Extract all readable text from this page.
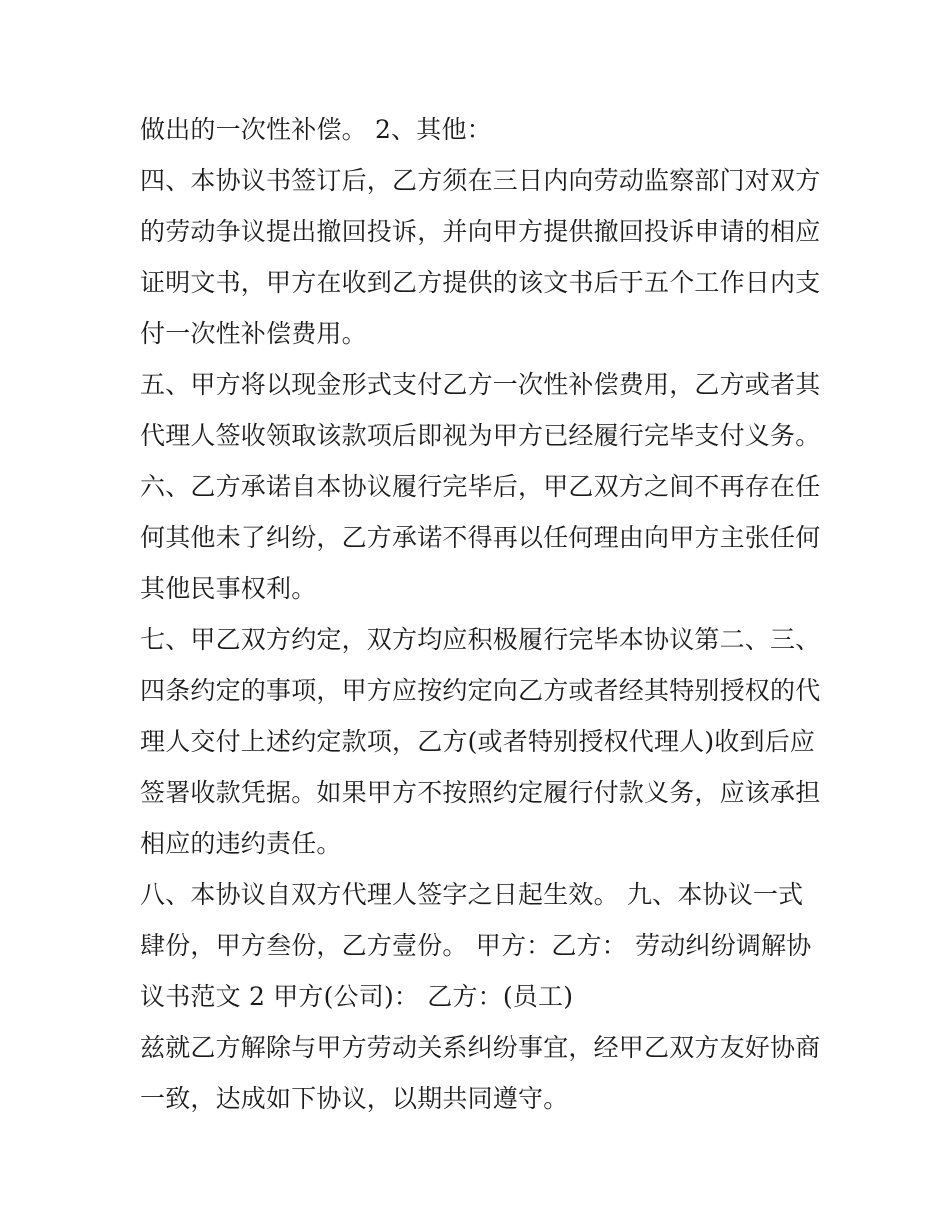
做出的一次性补偿。 2、其他：
四、本协议书签订后，乙方须在三日内向劳动监察部门对双方
的劳动争议提出撤回投诉，并向甲方提供撤回投诉申请的相应
证明文书，甲方在收到乙方提供的该文书后于五个工作日内支
付一次性补偿费用。
五、甲方将以现金形式支付乙方一次性补偿费用，乙方或者其
代理人签收领取该款项后即视为甲方已经履行完毕支付义务。
六、乙方承诺自本协议履行完毕后，甲乙双方之间不再存在任
何其他未了纠纷，乙方承诺不得再以任何理由向甲方主张任何
其他民事权利。
七、甲乙双方约定，双方均应积极履行完毕本协议第二、三、
四条约定的事项，甲方应按约定向乙方或者经其特别授权的代
理人交付上述约定款项，乙方(或者特别授权代理人)收到后应
签署收款凭据。如果甲方不按照约定履行付款义务，应该承担
相应的违约责任。
八、本协议自双方代理人签字之日起生效。 九、本协议一式
肆份，甲方叁份，乙方壹份。 甲方：乙方： 劳动纠纷调解协
议书范文 2 甲方(公司)： 乙方：(员工)
兹就乙方解除与甲方劳动关系纠纷事宜，经甲乙双方友好协商
一致，达成如下协议，以期共同遵守。
